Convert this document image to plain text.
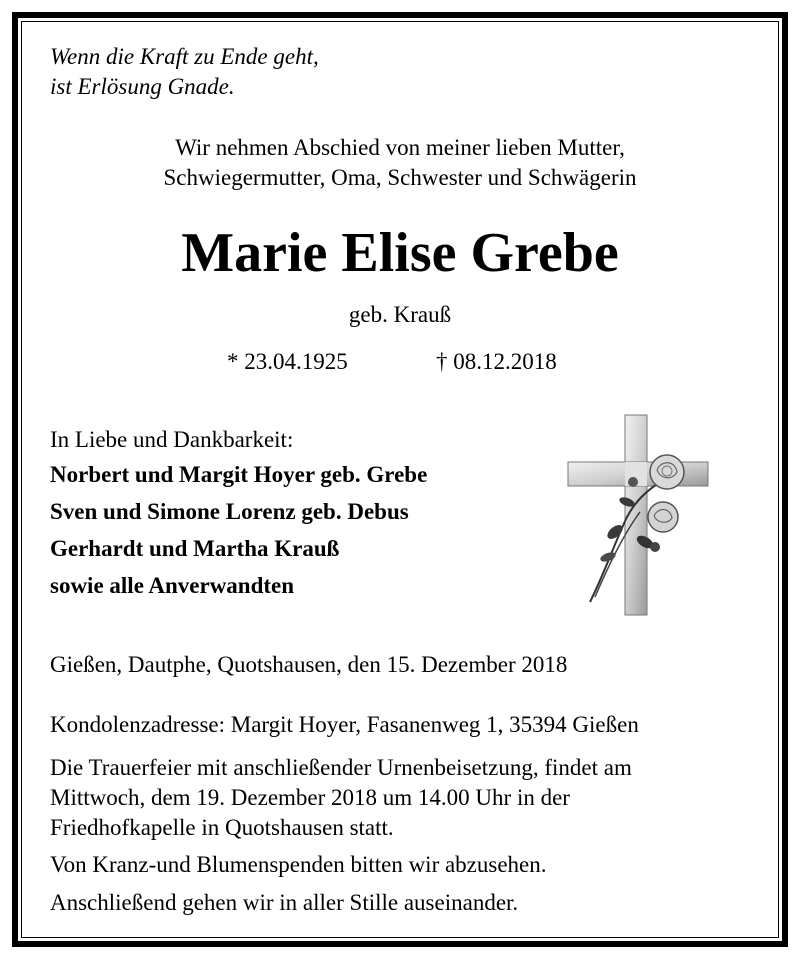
Wenn die Kraft zu Ende geht,
ist Erlösung Gnade.
Wir nehmen Abschied von meiner lieben Mutter,
Schwiegermutter, Oma, Schwester und Schwägerin
Marie Elise Grebe
geb. Krauß
* 23.04.1925	† 08.12.2018
In Liebe und Dankbarkeit:
Norbert und Margit Hoyer geb. Grebe
Sven und Simone Lorenz geb. Debus
Gerhardt und Martha Krauß
sowie alle Anverwandten
Gießen, Dautphe, Quotshausen, den 15. Dezember 2018
Kondolenzadresse: Margit Hoyer, Fasanenweg 1, 35394 Gießen
Die Trauerfeier mit anschließender Urnenbeisetzung, findet am
Mittwoch, dem 19. Dezember 2018 um 14.00 Uhr in der
Friedhofkapelle in Quotshausen statt.
Von Kranz-und Blumenspenden bitten wir abzusehen.
Anschließend gehen wir in aller Stille auseinander.
